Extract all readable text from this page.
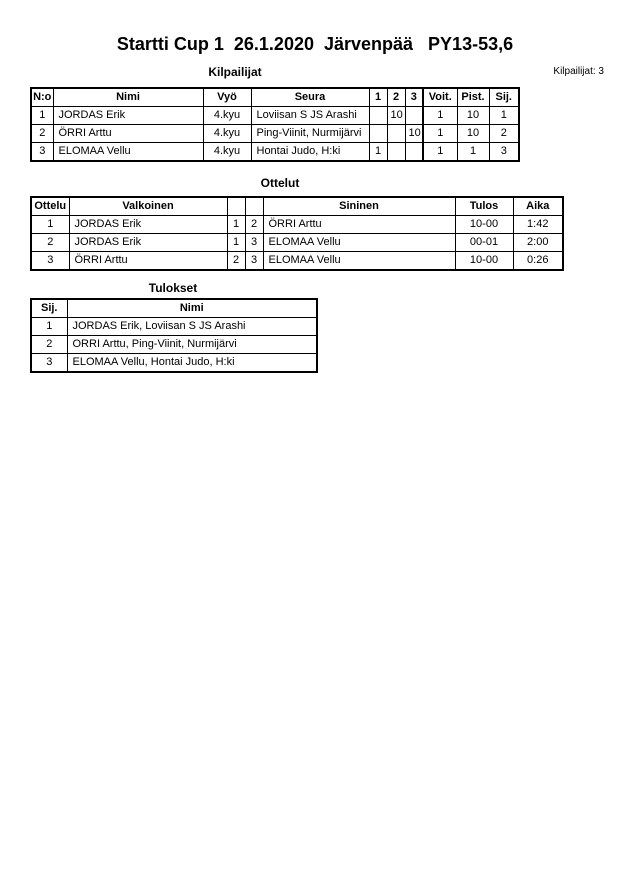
Startti Cup 1  26.1.2020  Järvenpää   PY13-53,6
Kilpailijat: 3
Kilpailijat
N:o	Nimi	Vyö	Seura	1	2	3	Voit.	Pist.	Sij.
1	JORDAS Erik	4.kyu	Loviisan S JS Arashi		10		1	10	1
2	ÖRRI Arttu	4.kyu	Ping-Viinit, Nurmijärvi			10	1	10	2
3	ELOMAA Vellu	4.kyu	Hontai Judo, H:ki	1			1	1	3
Ottelut
Ottelu	Valkoinen			Sininen	Tulos	Aika
1	JORDAS Erik	1	2	ÖRRI Arttu	10-00	1:42
2	JORDAS Erik	1	3	ELOMAA Vellu	00-01	2:00
3	ÖRRI Arttu	2	3	ELOMAA Vellu	10-00	0:26
Tulokset
Sij.	Nimi
1	JORDAS Erik, Loviisan S JS Arashi
2	ORRI Arttu, Ping-Viinit, Nurmijärvi
3	ELOMAA Vellu, Hontai Judo, H:ki
